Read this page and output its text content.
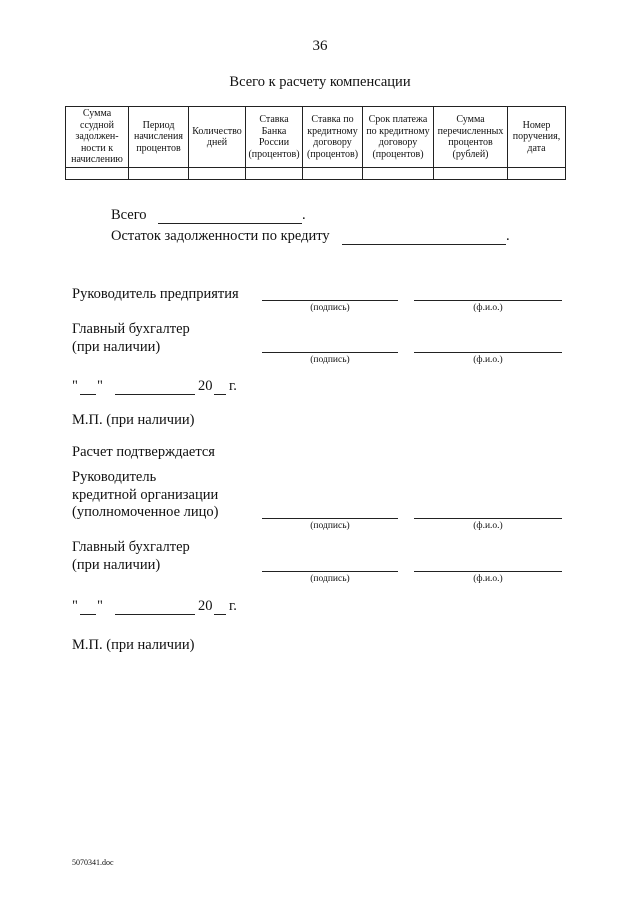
36
Всего к расчету компенсации
Сумма ссудной задолжен- ности к начислению	Период начисления процентов	Количество дней	Ставка Банка России (процентов)	Ставка по кредитному договору (процентов)	Срок платежа по кредитному договору (процентов)	Сумма перечисленных процентов (рублей)	Номер поручения, дата

Всего	.
Остаток задолженности по кредиту	.
Руководитель предприятия
(подпись)	(ф.и.о.)
Главный бухгалтер
(при наличии)
(подпись)	(ф.и.о.)
" "	20 г.
М.П. (при наличии)
Расчет подтверждается
Руководитель
кредитной организации
(уполномоченное лицо)
(подпись)	(ф.и.о.)
Главный бухгалтер
(при наличии)
(подпись)	(ф.и.о.)
" "	20 г.
М.П. (при наличии)
5070341.doc
